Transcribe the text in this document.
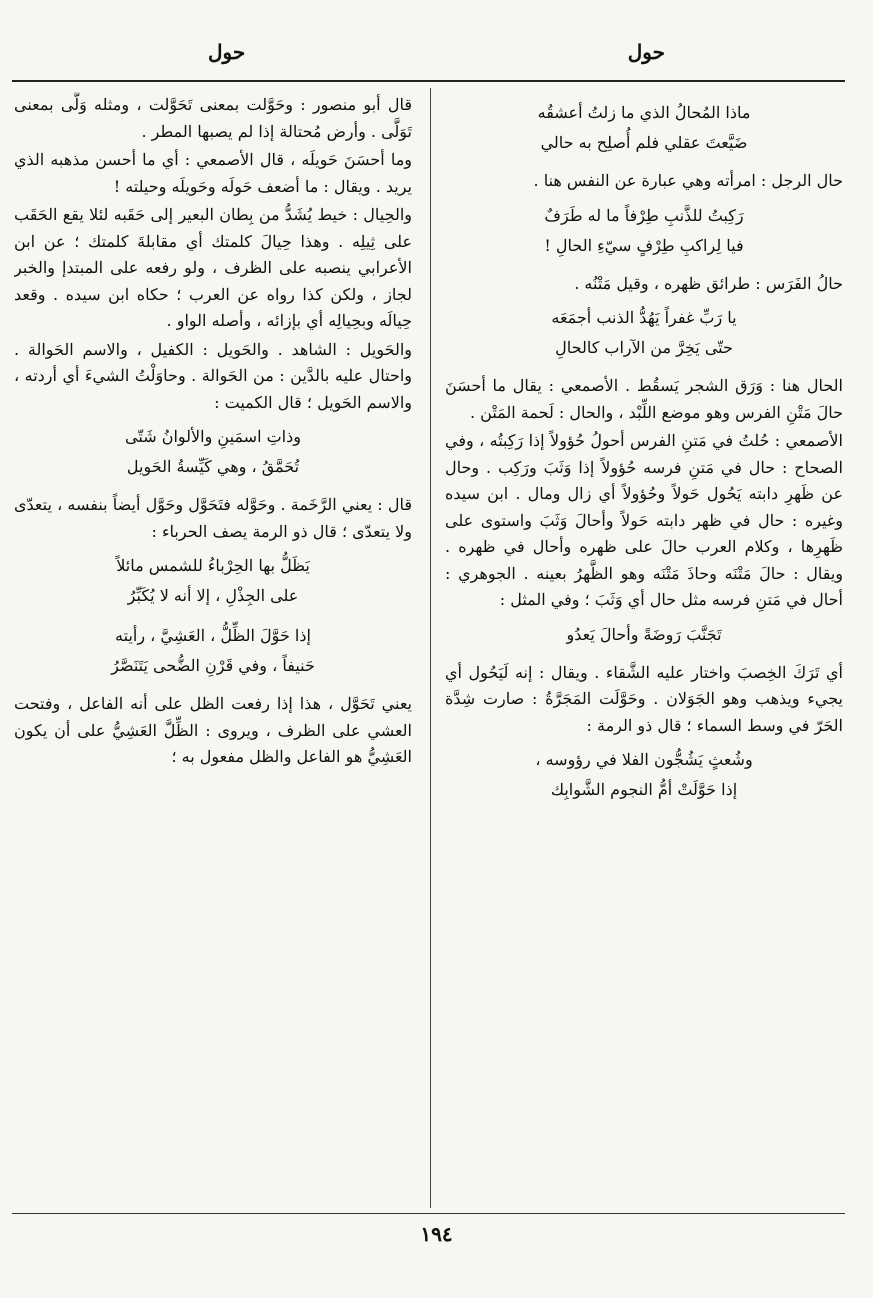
حول
حول
ماذا المُحالُ الذي ما زلتُ أعشقُه
ضَيَّعتَ عقلي فلم أُصلِح به حالي

حال الرجل : امرأته وهي عبارة عن النفس هنا .

رَكِبتُ للذَّنبِ طِرْفاً ما له طَرَفٌ
فيا لِراكبِ طِرْفٍ سيّءِ الحالِ !

حالُ الفَرَس : طرائق ظهره ، وقيل مَتْنُه .

يا رَبِّ غفراً يَهُدُّ الذنب أجمَعَه
حتّى يَخِرَّ من الآراب كالحالِ

الحال هنا : وَرَق الشجر يَسقُط . الأصمعي : يقال ما أحسَنَ حالَ مَتْنِ الفرس وهو موضع اللِّبْد ، والحال : لَحمة المَتْن .

الأصمعي : حُلتُ في مَتنِ الفرس أحولُ حُؤولاً إذا رَكِبتُه ، وفي الصحاح : حال في مَتنِ فرسه حُؤولاً إذا وَثَبَ ورَكِب . وحال عن ظَهرِ دابته يَحُول حَولاً وحُؤولاً أي زال ومال . ابن سيده وغيره : حال في ظهر دابته حَولاً وأحالَ وَثَبَ واستوى على ظَهرِها ، وكلام العرب حالَ على ظهره وأحال في ظهره . ويقال : حالَ مَتْنَه وحاذَ مَتْنَه وهو الظَّهرُ بعينه . الجوهري : أحال في مَتنِ فرسه مثل حال أي وَثَبَ ؛ وفي المثل :

تَجَنَّبَ رَوضَةً وأحالَ يَعدُو

أي تَرَكَ الخِصبَ واختار عليه الشَّقاء . ويقال : إنه لَيَحُول أي يجيء ويذهب وهو الجَوَلان . وحَوَّلَت المَجَرَّةُ : صارت شِدَّة الحَرّ في وسط السماء ؛ قال ذو الرمة :

وشُعثٍ يَشُجُّون الفلا في رؤوسه ،
إذا حَوَّلَتْ أمُّ النجوم الشَّوابِك

قال أبو منصور : وحَوَّلت بمعنى تَحَوَّلت ، ومثله وَلَّى بمعنى تَوَلَّى . وأرض مُحتالة إذا لم يصبها المطر .

وما أحسَنَ حَويلَه ، قال الأصمعي : أي ما أحسن مذهبه الذي يريد . ويقال : ما أضعف حَولَه وحَويلَه وحيلته !

والحِيال : خيط يُشَدُّ من بِطان البعير إلى حَقَبه لئلا يقع الحَقَب على ثِيلِه . وهذا حِيالَ كلمتك أي مقابلةَ كلمتك ؛ عن ابن الأعرابي ينصبه على الظرف ، ولو رفعه على المبتدإ والخبر لجاز ، ولكن كذا رواه عن العرب ؛ حكاه ابن سيده . وقعد حِيالَه وبحِيالِه أي بإزائه ، وأصله الواو .

والحَويل : الشاهد . والحَويل : الكفيل ، والاسم الحَوالة . واحتال عليه بالدَّين : من الحَوالة . وحاوَلْتُ الشيءَ أي أردته ، والاسم الحَويل ؛ قال الكميت :

وذاتِ اسمَينِ والألوانُ شَتّى
تُحَمَّقُ ، وهي كَيِّسةُ الحَويل

قال : يعني الرَّخَمة . وحَوَّله فتَحَوَّل وحَوَّل أيضاً بنفسه ، يتعدّى ولا يتعدّى ؛ قال ذو الرمة يصف الحرباء :

يَظَلُّ بها الحِرْباءُ للشمس مائلاً
على الجِذْلِ ، إلا أنه لا يُكَبِّرُ
إذا حَوَّلَ الظِّلُّ ، العَشِيَّ ، رأيته
حَنيفاً ، وفي قَرْنِ الضُّحى يَتَنَصَّرُ

يعني تَحَوَّل ، هذا إذا رفعت الظل على أنه الفاعل ، وفتحت العشي على الظرف ، ويروى : الظِّلَّ العَشِيُّ على أن يكون العَشِيُّ هو الفاعل والظل مفعول به ؛

١٩٤
